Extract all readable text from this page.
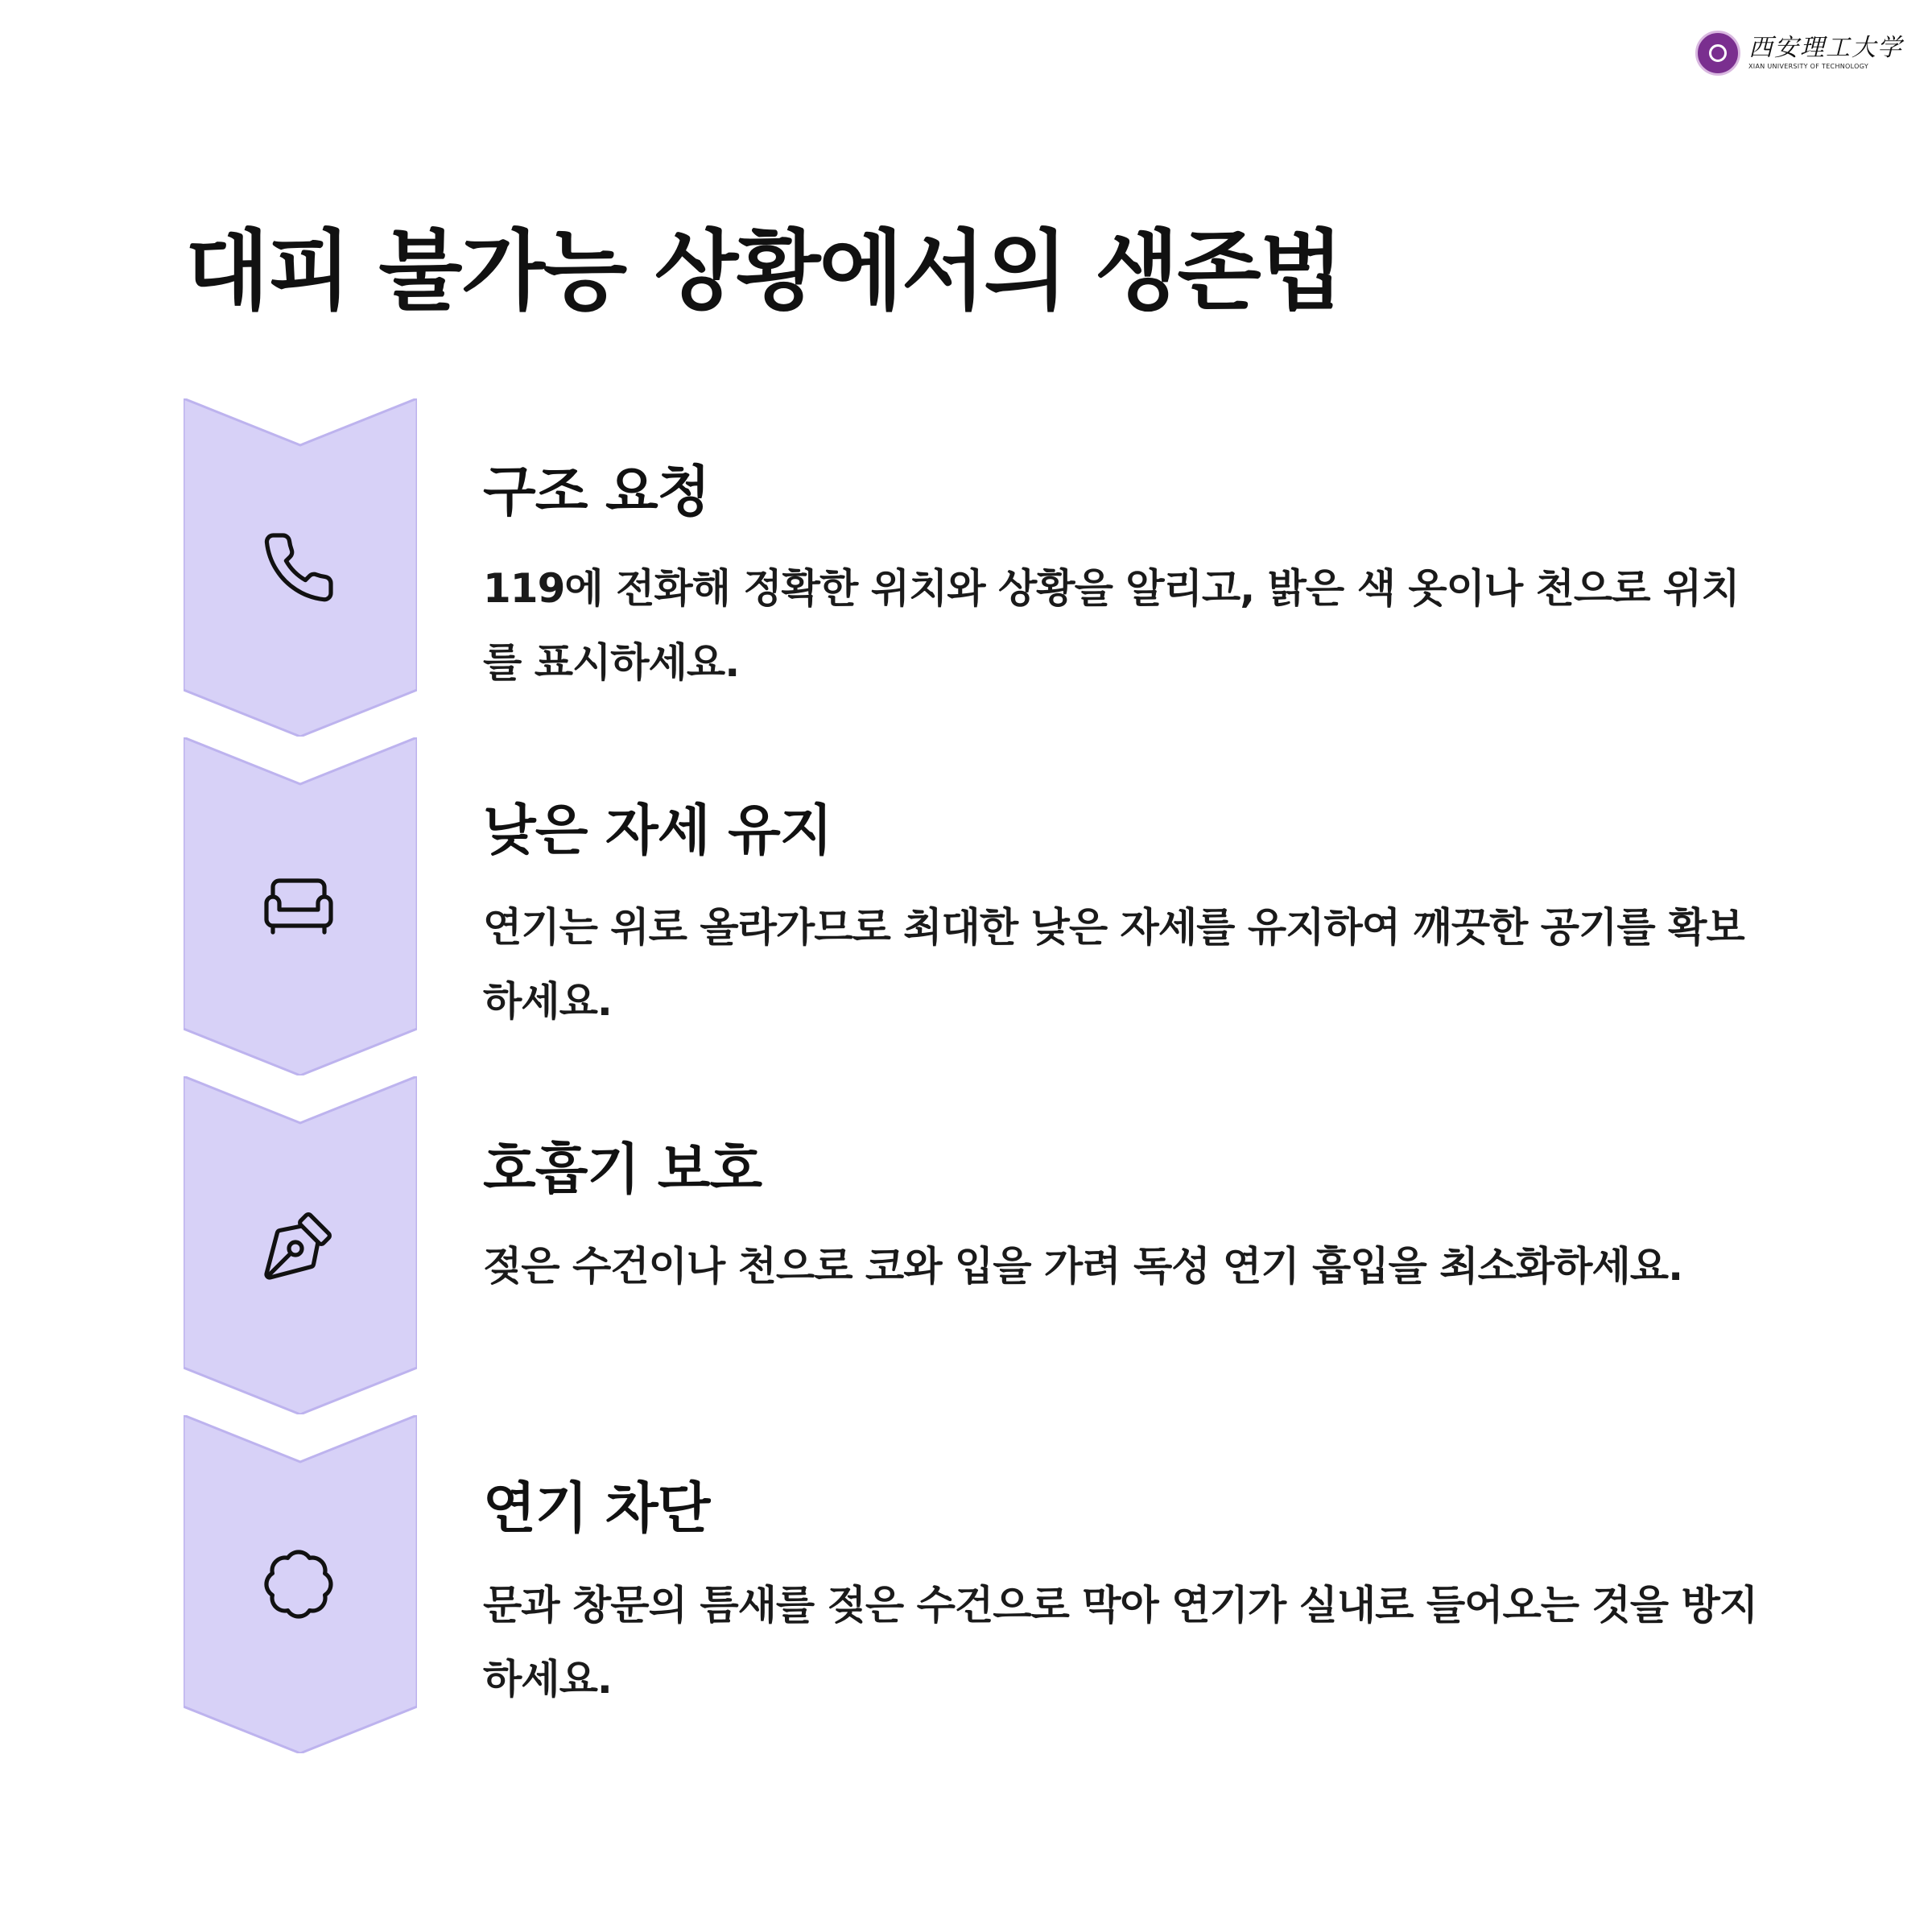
西安理工大学
XIAN UNIVERSITY OF TECHNOLOGY
대피 불가능 상황에서의 생존법
구조 요청

119에 전화해 정확한 위치와 상황을 알리고, 밝은 색 옷이나 천으로 위치를 표시하세요.

낮은 자세 유지

연기는 위로 올라가므로 최대한 낮은 자세를 유지하여 깨끗한 공기를 확보하세요.

호흡기 보호

젖은 수건이나 천으로 코와 입을 가려 독성 연기 흡입을 최소화하세요.

연기 차단

문과 창문의 틈새를 젖은 수건으로 막아 연기가 실내로 들어오는 것을 방지하세요.
